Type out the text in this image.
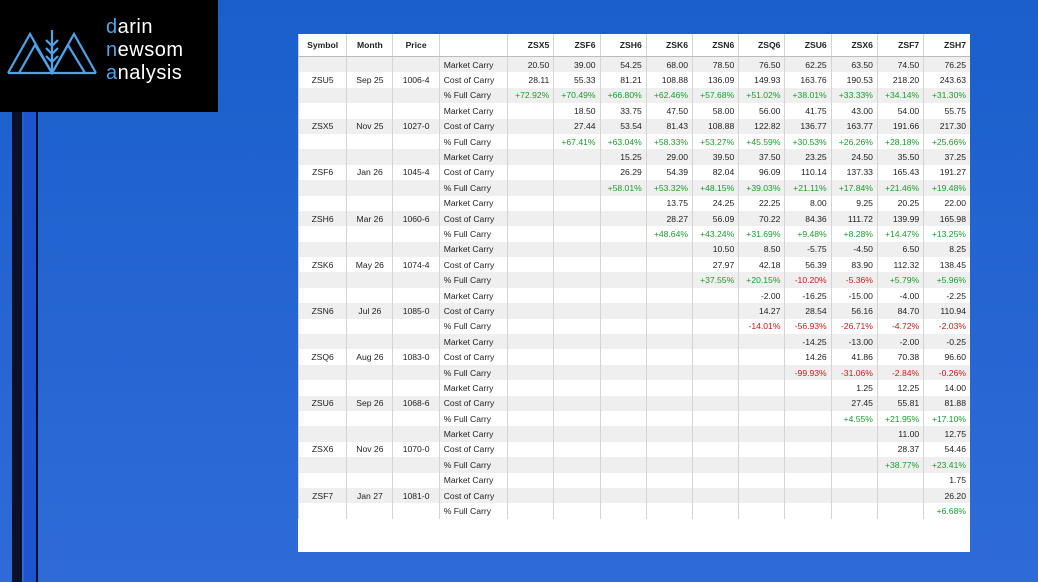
darin
newsom
analysis
Symbol	Month	Price		ZSX5	ZSF6	ZSH6	ZSK6	ZSN6	ZSQ6	ZSU6	ZSX6	ZSF7	ZSH7
			Market Carry	20.50	39.00	54.25	68.00	78.50	76.50	62.25	63.50	74.50	76.25
ZSU5	Sep 25	1006-4	Cost of Carry	28.11	55.33	81.21	108.88	136.09	149.93	163.76	190.53	218.20	243.63
			% Full Carry	+72.92%	+70.49%	+66.80%	+62.46%	+57.68%	+51.02%	+38.01%	+33.33%	+34.14%	+31.30%
			Market Carry		18.50	33.75	47.50	58.00	56.00	41.75	43.00	54.00	55.75
ZSX5	Nov 25	1027-0	Cost of Carry		27.44	53.54	81.43	108.88	122.82	136.77	163.77	191.66	217.30
			% Full Carry		+67.41%	+63.04%	+58.33%	+53.27%	+45.59%	+30.53%	+26.26%	+28.18%	+25.66%
			Market Carry			15.25	29.00	39.50	37.50	23.25	24.50	35.50	37.25
ZSF6	Jan 26	1045-4	Cost of Carry			26.29	54.39	82.04	96.09	110.14	137.33	165.43	191.27
			% Full Carry			+58.01%	+53.32%	+48.15%	+39.03%	+21.11%	+17.84%	+21.46%	+19.48%
			Market Carry				13.75	24.25	22.25	8.00	9.25	20.25	22.00
ZSH6	Mar 26	1060-6	Cost of Carry				28.27	56.09	70.22	84.36	111.72	139.99	165.98
			% Full Carry				+48.64%	+43.24%	+31.69%	+9.48%	+8.28%	+14.47%	+13.25%
			Market Carry					10.50	8.50	-5.75	-4.50	6.50	8.25
ZSK6	May 26	1074-4	Cost of Carry					27.97	42.18	56.39	83.90	112.32	138.45
			% Full Carry					+37.55%	+20.15%	-10.20%	-5.36%	+5.79%	+5.96%
			Market Carry						-2.00	-16.25	-15.00	-4.00	-2.25
ZSN6	Jul 26	1085-0	Cost of Carry						14.27	28.54	56.16	84.70	110.94
			% Full Carry						-14.01%	-56.93%	-26.71%	-4.72%	-2.03%
			Market Carry							-14.25	-13.00	-2.00	-0.25
ZSQ6	Aug 26	1083-0	Cost of Carry							14.26	41.86	70.38	96.60
			% Full Carry							-99.93%	-31.06%	-2.84%	-0.26%
			Market Carry								1.25	12.25	14.00
ZSU6	Sep 26	1068-6	Cost of Carry								27.45	55.81	81.88
			% Full Carry								+4.55%	+21.95%	+17.10%
			Market Carry									11.00	12.75
ZSX6	Nov 26	1070-0	Cost of Carry									28.37	54.46
			% Full Carry									+38.77%	+23.41%
			Market Carry										1.75
ZSF7	Jan 27	1081-0	Cost of Carry										26.20
			% Full Carry										+6.68%
